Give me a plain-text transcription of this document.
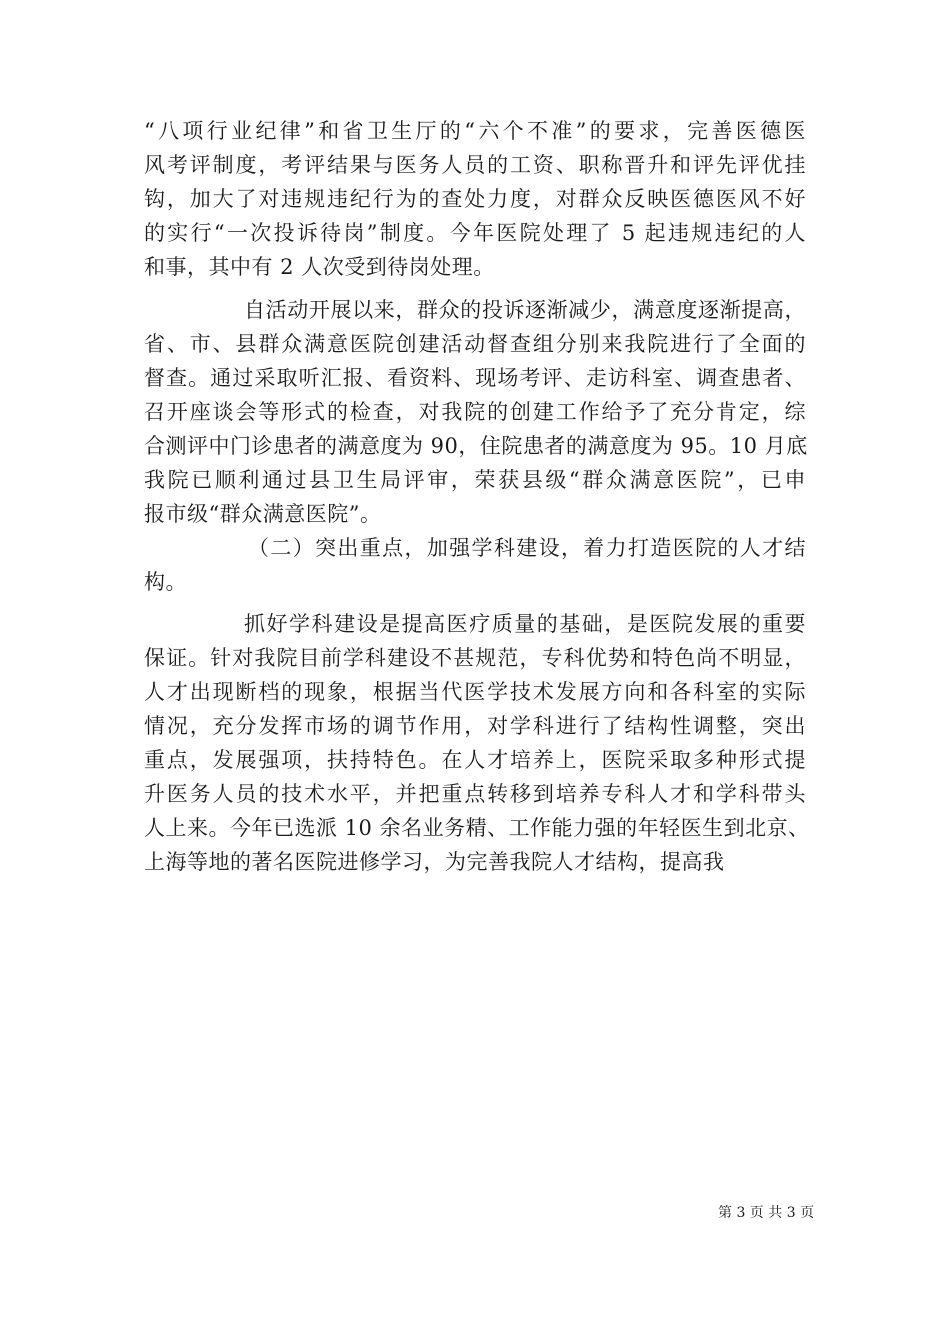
“八项行业纪律”和省卫生厅的“六个不准”的要求，完善医德医
风考评制度，考评结果与医务人员的工资、职称晋升和评先评优挂
钩，加大了对违规违纪行为的查处力度，对群众反映医德医风不好
的实行“一次投诉待岗”制度。今年医院处理了 5 起违规违纪的人
和事，其中有 2 人次受到待岗处理。

自活动开展以来，群众的投诉逐渐减少，满意度逐渐提高，
省、市、县群众满意医院创建活动督查组分别来我院进行了全面的
督查。通过采取听汇报、看资料、现场考评、走访科室、调查患者、
召开座谈会等形式的检查，对我院的创建工作给予了充分肯定，综
合测评中门诊患者的满意度为 90，住院患者的满意度为 95。10 月底
我院已顺利通过县卫生局评审，荣获县级“群众满意医院”，已申
报市级“群众满意医院”。

（二）突出重点，加强学科建设，着力打造医院的人才结
构。

抓好学科建设是提高医疗质量的基础，是医院发展的重要
保证。针对我院目前学科建设不甚规范，专科优势和特色尚不明显，
人才出现断档的现象，根据当代医学技术发展方向和各科室的实际
情况，充分发挥市场的调节作用，对学科进行了结构性调整，突出
重点，发展强项，扶持特色。在人才培养上，医院采取多种形式提
升医务人员的技术水平，并把重点转移到培养专科人才和学科带头
人上来。今年已选派 10 余名业务精、工作能力强的年轻医生到北京、
上海等地的著名医院进修学习，为完善我院人才结构，提高我

第 3 页 共 3 页
